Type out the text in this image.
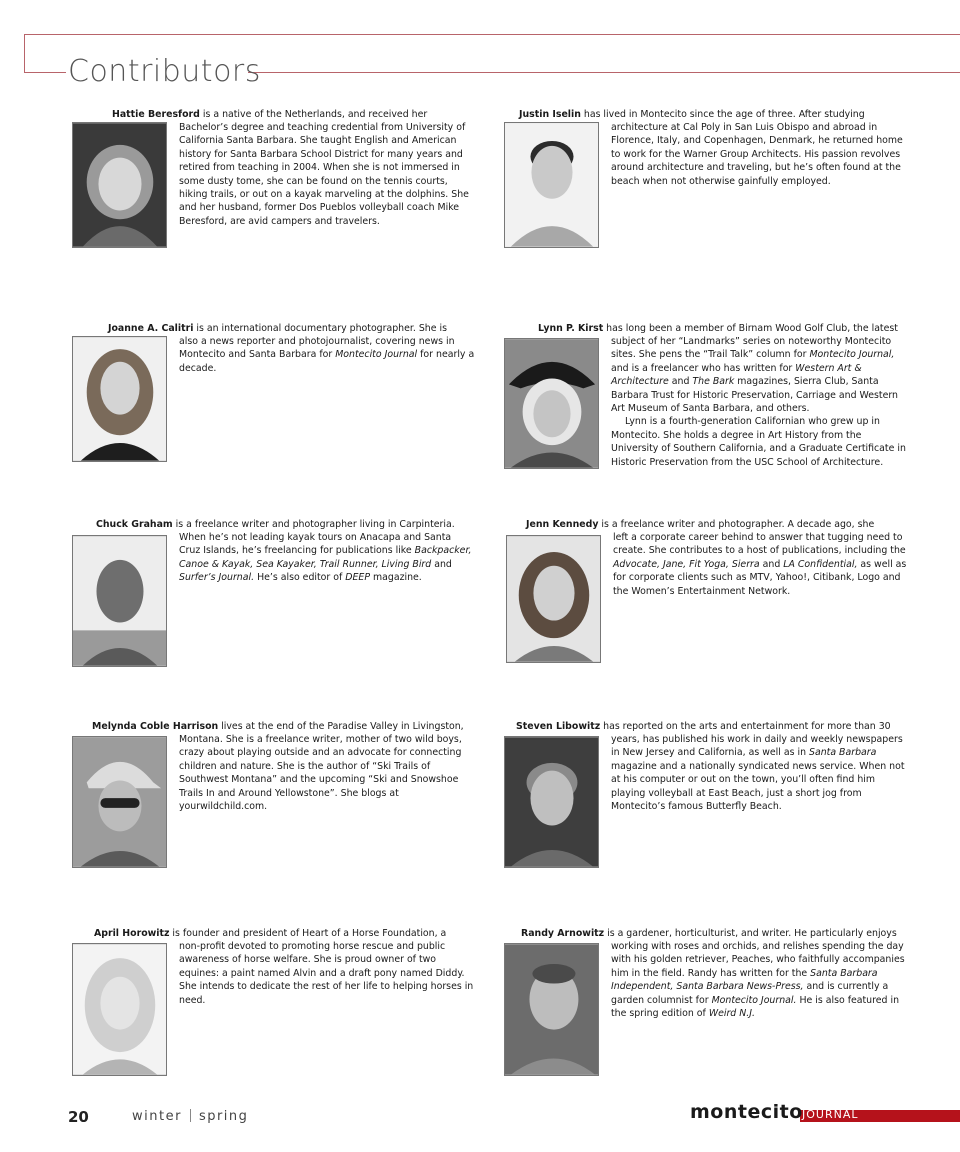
Contributors

Hattie Beresford is a native of the Netherlands, and received her

Bachelor’s degree and teaching credential from University of California Santa Barbara. She taught English and American history for Santa Barbara School District for many years and retired from teaching in 2004. When she is not immersed in some dusty tome, she can be found on the tennis courts, hiking trails, or out on a kayak marveling at the dolphins. She and her husband, former Dos Pueblos volleyball coach Mike Beresford, are avid campers and travelers.

Justin Iselin has lived in Montecito since the age of three. After studying

architecture at Cal Poly in San Luis Obispo and abroad in Florence, Italy, and Copenhagen, Denmark, he returned home to work for the Warner Group Architects. His passion revolves around architecture and traveling, but he’s often found at the beach when not otherwise gainfully employed.

Joanne A. Calitri is an international documentary photographer. She is

also a news reporter and photojournalist, covering news in Montecito and Santa Barbara for Montecito Journal for nearly a decade.

Lynn P. Kirst has long been a member of Birnam Wood Golf Club, the latest

subject of her “Landmarks” series on noteworthy Montecito sites. She pens the “Trail Talk” column for Montecito Journal, and is a freelancer who has written for Western Art & Architecture and The Bark magazines, Sierra Club, Santa Barbara Trust for Historic Preservation, Carriage and Western Art Museum of Santa Barbara, and others.

Lynn is a fourth-generation Californian who grew up in Montecito. She holds a degree in Art History from the University of Southern California, and a Graduate Certificate in Historic Preservation from the USC School of Architecture.

Chuck Graham is a freelance writer and photographer living in Carpinteria.

When he’s not leading kayak tours on Anacapa and Santa Cruz Islands, he’s freelancing for publications like Backpacker, Canoe & Kayak, Sea Kayaker, Trail Runner, Living Bird and Surfer’s Journal. He’s also editor of DEEP magazine.

Jenn Kennedy is a freelance writer and photographer. A decade ago, she

left a corporate career behind to answer that tugging need to create. She contributes to a host of publications, including the Advocate, Jane, Fit Yoga, Sierra and LA Confidential, as well as for corporate clients such as MTV, Yahoo!, Citibank, Logo and the Women’s Entertainment Network.

Melynda Coble Harrison lives at the end of the Paradise Valley in Livingston,

Montana. She is a freelance writer, mother of two wild boys, crazy about playing outside and an advocate for connecting children and nature. She is the author of “Ski Trails of Southwest Montana” and the upcoming “Ski and Snowshoe Trails In and Around Yellowstone”. She blogs at yourwildchild.com.

Steven Libowitz has reported on the arts and entertainment for more than 30

years, has published his work in daily and weekly newspapers in New Jersey and California, as well as in Santa Barbara magazine and a nationally syndicated news service. When not at his computer or out on the town, you’ll often find him playing volleyball at East Beach, just a short jog from Montecito’s famous Butterfly Beach.

April Horowitz is founder and president of Heart of a Horse Foundation, a

non-profit devoted to promoting horse rescue and public awareness of horse welfare. She is proud owner of two equines: a paint named Alvin and a draft pony named Diddy. She intends to dedicate the rest of her life to helping horses in need.

Randy Arnowitz is a gardener, horticulturist, and writer. He particularly enjoys

working with roses and orchids, and relishes spending the day with his golden retriever, Peaches, who faithfully accompanies him in the field. Randy has written for the Santa Barbara Independent, Santa Barbara News-Press, and is currently a garden columnist for Montecito Journal. He is also featured in the spring edition of Weird N.J.

20	winter spring	montecito JOURNAL
